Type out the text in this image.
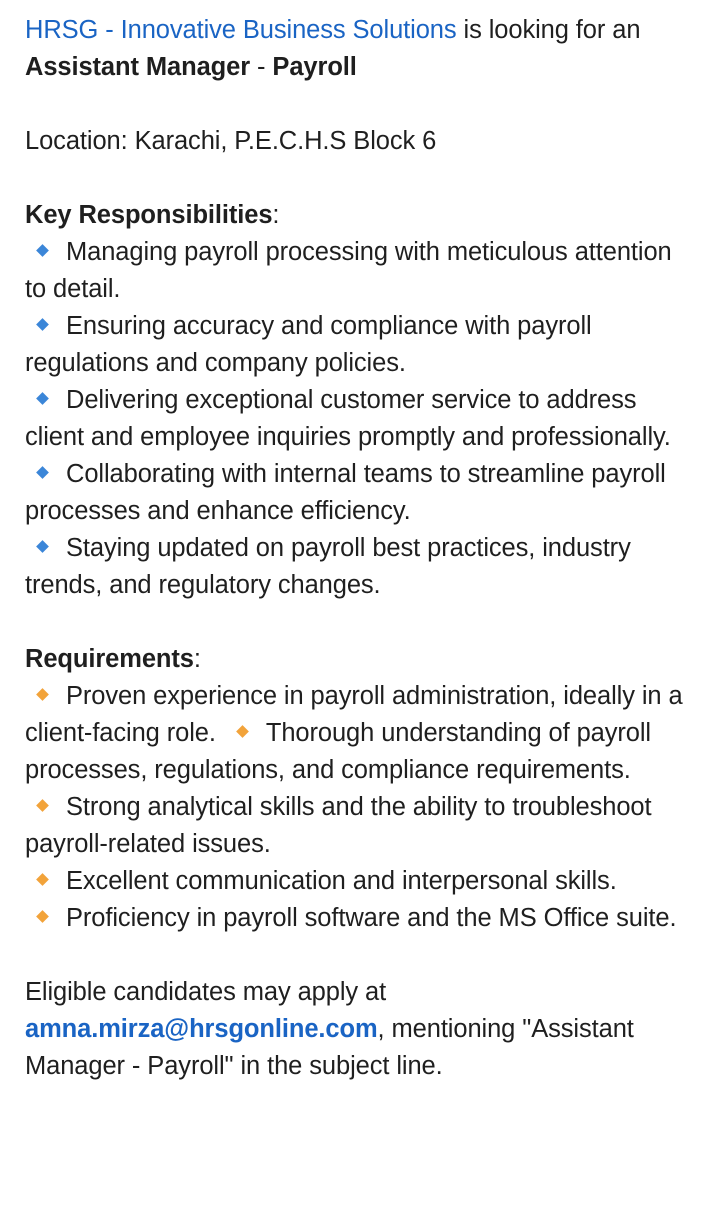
HRSG - Innovative Business Solutions is looking for an

Assistant Manager - Payroll

Location: Karachi, P.E.C.H.S Block 6

Key Responsibilities:

Managing payroll processing with meticulous attention to detail.

Ensuring accuracy and compliance with payroll regulations and company policies.

Delivering exceptional customer service to address client and employee inquiries promptly and professionally.

Collaborating with internal teams to streamline payroll processes and enhance efficiency.

Staying updated on payroll best practices, industry trends, and regulatory changes.

Requirements:

Proven experience in payroll administration, ideally in a client-facing role. Thorough understanding of payroll processes, regulations, and compliance requirements.

Strong analytical skills and the ability to troubleshoot payroll-related issues.

Excellent communication and interpersonal skills.

Proficiency in payroll software and the MS Office suite.

Eligible candidates may apply at
amna.mirza@hrsgonline.com, mentioning "Assistant Manager - Payroll" in the subject line.
